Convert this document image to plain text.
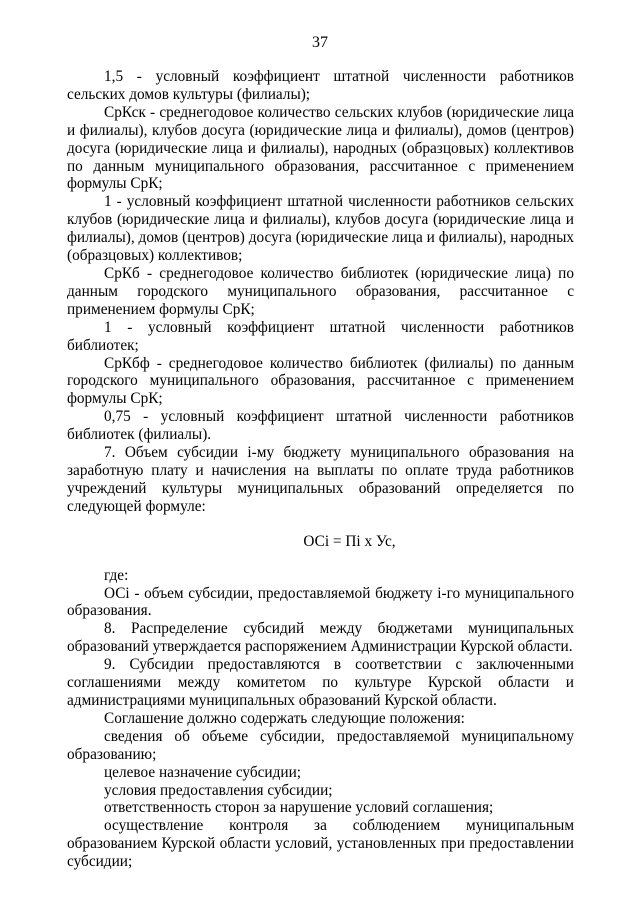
37

1,5 - условный коэффициент штатной численности работников сельских домов культуры (филиалы);

СрКск - среднегодовое количество сельских клубов (юридические лица и филиалы), клубов досуга (юридические лица и филиалы), домов (центров) досуга (юридические лица и филиалы), народных (образцовых) коллективов по данным муниципального образования, рассчитанное с применением формулы СрК;

1 - условный коэффициент штатной численности работников сельских клубов (юридические лица и филиалы), клубов досуга (юридические лица и филиалы), домов (центров) досуга (юридические лица и филиалы), народных (образцовых) коллективов;

СрКб - среднегодовое количество библиотек (юридические лица) по данным городского муниципального образования, рассчитанное с применением формулы СрК;

1 - условный коэффициент штатной численности работников библиотек;

СрКбф - среднегодовое количество библиотек (филиалы) по данным городского муниципального образования, рассчитанное с применением формулы СрК;

0,75 - условный коэффициент штатной численности работников библиотек (филиалы).

7. Объем субсидии i-му бюджету муниципального образования на заработную плату и начисления на выплаты по оплате труда работников учреждений культуры муниципальных образований определяется по следующей формуле:

ОСi = Пi х Ус,

где:

ОСi - объем субсидии, предоставляемой бюджету i-го муниципального образования.

8. Распределение субсидий между бюджетами муниципальных образований утверждается распоряжением Администрации Курской области.

9. Субсидии предоставляются в соответствии с заключенными соглашениями между комитетом по культуре Курской области и администрациями муниципальных образований Курской области.

Соглашение должно содержать следующие положения:

сведения об объеме субсидии, предоставляемой муниципальному образованию;

целевое назначение субсидии;

условия предоставления субсидии;

ответственность сторон за нарушение условий соглашения;

осуществление контроля за соблюдением муниципальным образованием Курской области условий, установленных при предоставлении субсидии;
